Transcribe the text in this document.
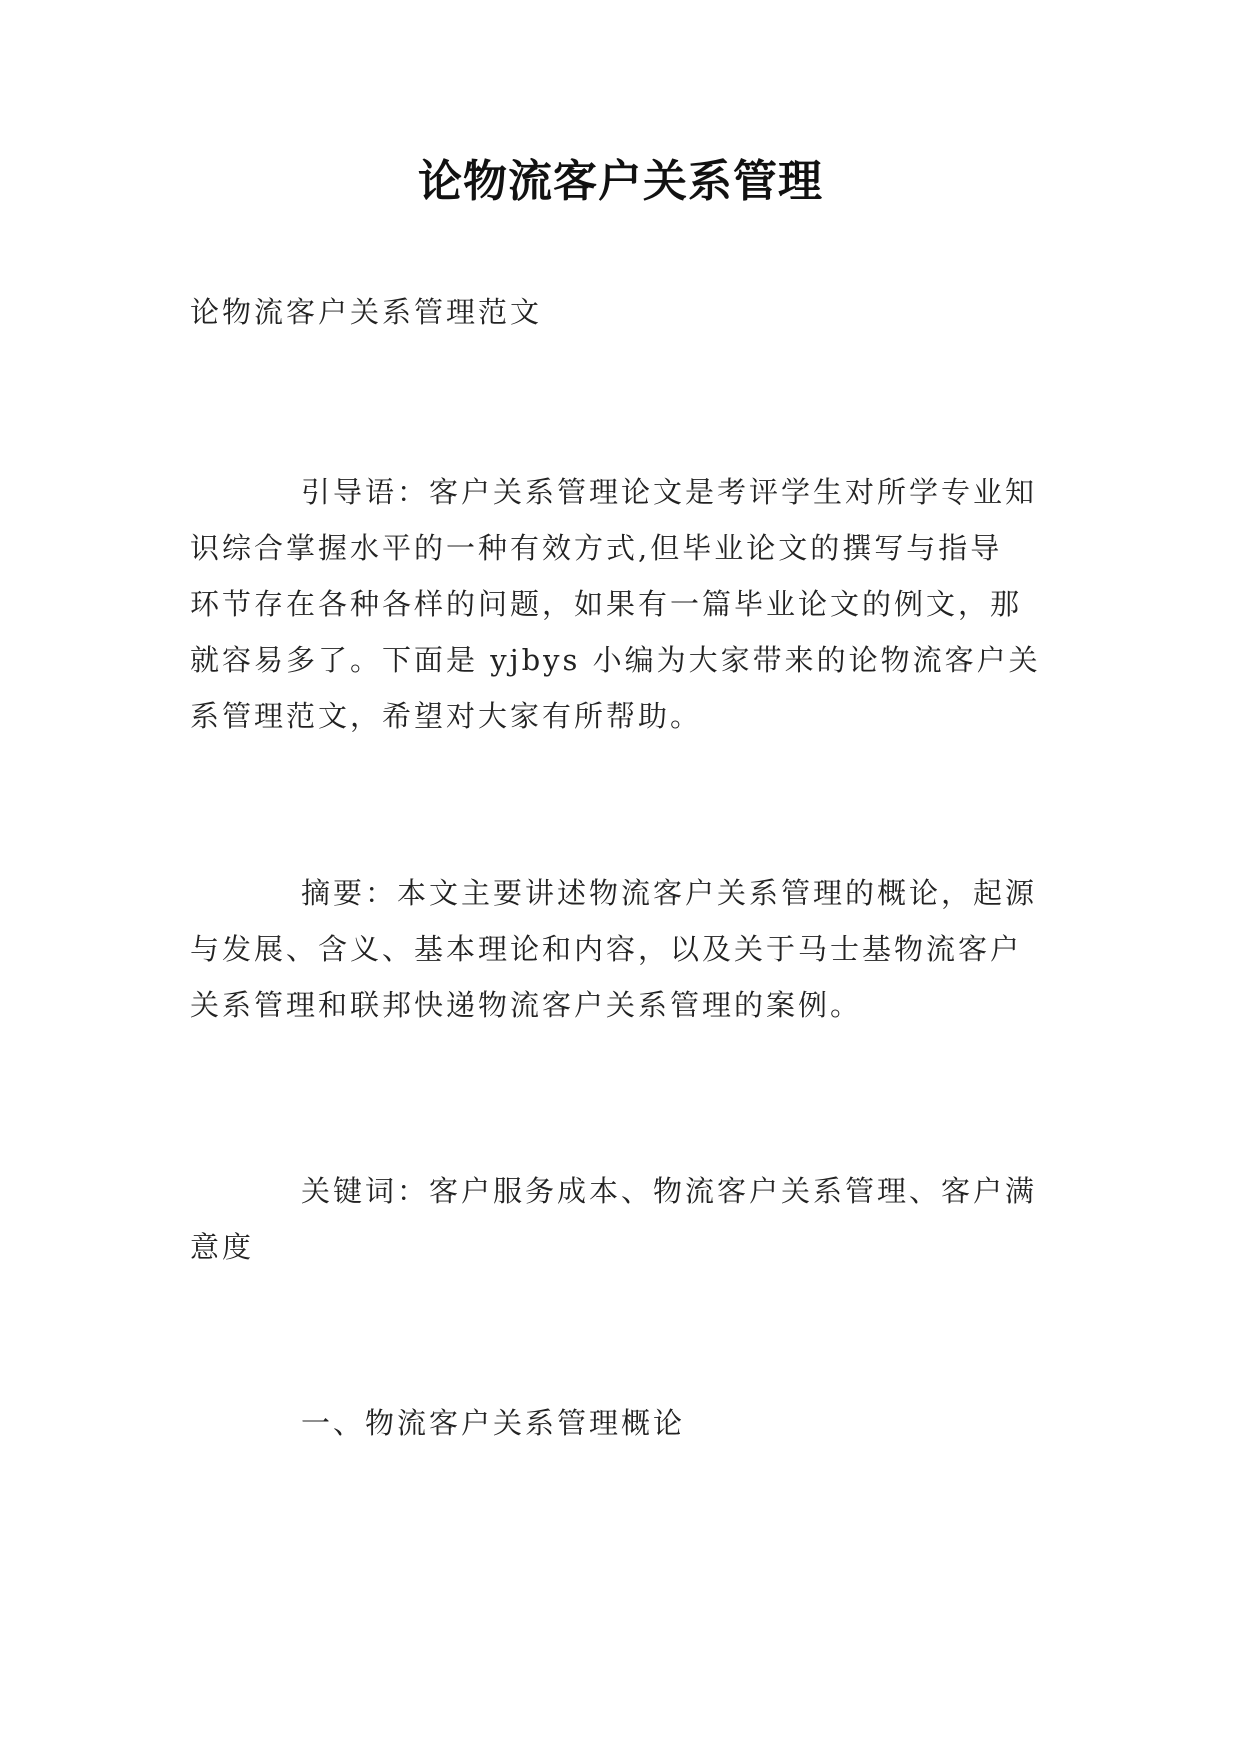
论物流客户关系管理
论物流客户关系管理范文
引导语：客户关系管理论文是考评学生对所学专业知
识综合掌握水平的一种有效方式,但毕业论文的撰写与指导
环节存在各种各样的问题，如果有一篇毕业论文的例文，那
就容易多了。下面是 yjbys 小编为大家带来的论物流客户关
系管理范文，希望对大家有所帮助。
摘要：本文主要讲述物流客户关系管理的概论，起源
与发展、含义、基本理论和内容，以及关于马士基物流客户
关系管理和联邦快递物流客户关系管理的案例。
关键词：客户服务成本、物流客户关系管理、客户满
意度
一、物流客户关系管理概论
